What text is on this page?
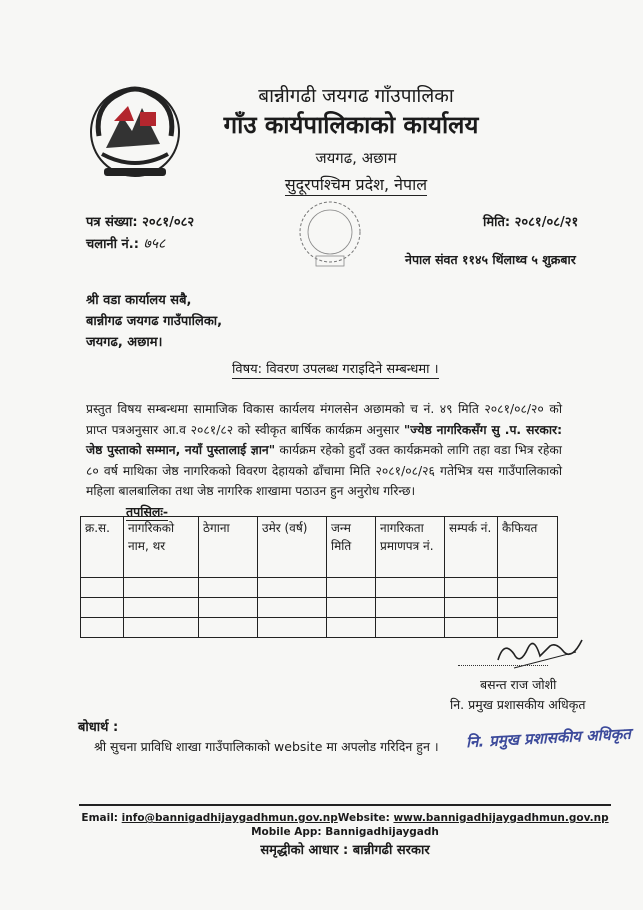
बान्नीगढी जयगढ गाँउपालिका
गाँउ कार्यपालिकाको कार्यालय
जयगढ, अछाम
सुदूरपश्चिम प्रदेश, नेपाल
पत्र संख्या: २०८१/०८२
चलानी नं.: ७५८
मिति: २०८१/०८/२१
नेपाल संवत ११४५ थिंलाथ्व ५ शुक्रबार
श्री वडा कार्यालय सबै,
बान्नीगढ जयगढ गाउँपालिका,
जयगढ, अछाम।
विषय: विवरण उपलब्ध गराइदिने सम्बन्धमा ।
प्रस्तुत विषय सम्बन्धमा सामाजिक विकास कार्यलय मंगलसेन अछामको च नं. ४९ मिति २०८१/०८/२० को प्राप्त पत्रअनुसार आ.व २०८१/८२ को स्वीकृत बार्षिक कार्यक्रम अनुसार "ज्येष्ठ नागरिकसँग सु .प. सरकार: जेष्ठ पुस्ताको सम्मान, नयाँ पुस्तालाई ज्ञान" कार्यक्रम रहेको हुदाँ उक्त कार्यक्रमको लागि तहा वडा भित्र रहेका ८० वर्ष माथिका जेष्ठ नागरिकको विवरण देहायको ढाँचामा मिति २०८१/०८/२६ गतेभित्र यस गाउँपालिकाको महिला बालबालिका तथा जेष्ठ नागरिक शाखामा पठाउन हुन अनुरोध गरिन्छ।
तपसिलः-
क्र.स.	नागरिकको नाम, थर	ठेगाना	उमेर (वर्ष)	जन्म मिति	नागरिकता प्रमाणपत्र नं.	सम्पर्क नं.	कैफियत

बसन्त राज जोशी
नि. प्रमुख प्रशासकीय अधिकृत
नि. प्रमुख प्रशासकीय अधिकृत
बोधार्थ :
श्री सुचना प्राविधि शाखा गाउँपालिकाको website मा अपलोड गरिदिन हुन ।
Email: info@bannigadhijaygadhmun.gov.npWebsite: www.bannigadhijaygadhmun.gov.np
Mobile App: Bannigadhijaygadh
समृद्धीको आधार : बान्नीगढी सरकार
